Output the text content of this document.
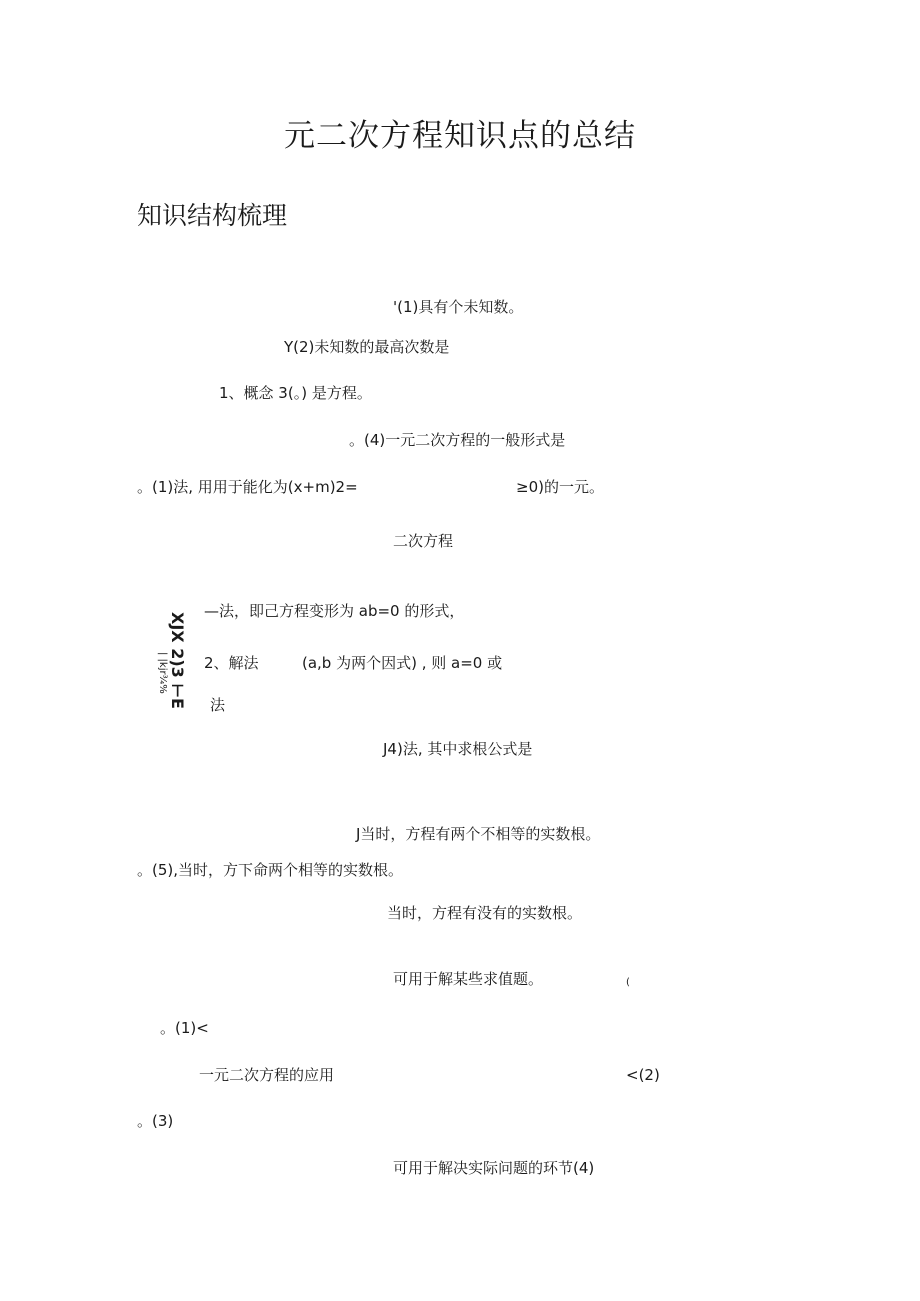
元二次方程知识点的总结
知识结构梳理
'(1)具有个未知数。
Y(2)未知数的最高次数是
1、概念 3(。) 是方程。
。(4)一元二次方程的一般形式是
。(1)法, 用用于能化为(x+m)2=	≥0)的一元。
二次方程
XJX 2)3 ⊢E
| |kj⁠r³⁄₄%
—法，即己方程变形为 ab=0 的形式，
2、解法	(a,b 为两个因式) , 则 a=0 或
法
J4)法, 其中求根公式是
J当时，方程有两个不相等的实数根。
。(5),当时，方下命两个相等的实数根。
当时，方程有没有的实数根。
可用于解某些求值题。	(
。(1)<
一元二次方程的应用	<(2)
。(3)
可用于解决实际问题的环节(4)
